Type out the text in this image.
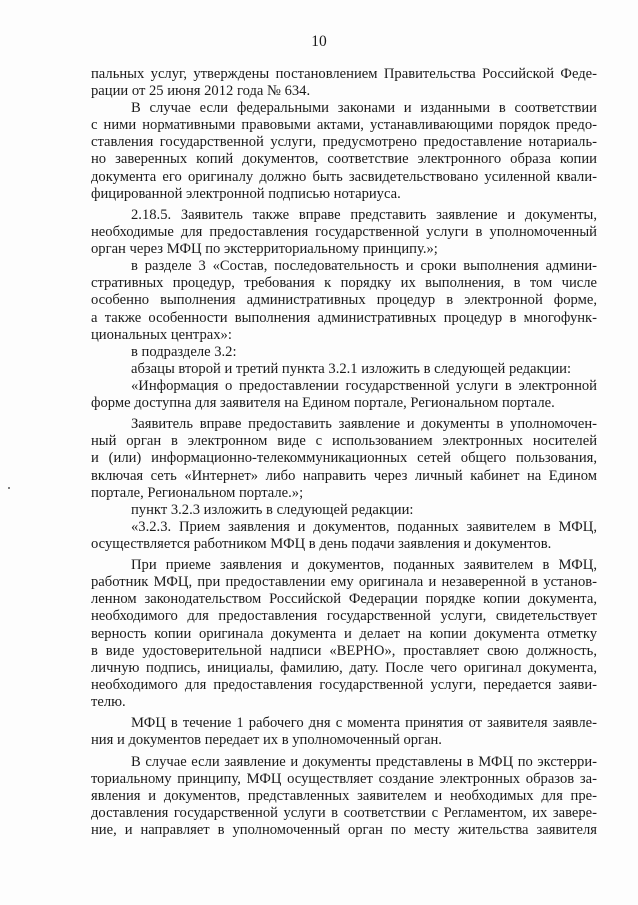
10
пальных услуг, утверждены постановлением Правительства Российской Феде-
рации от 25 июня 2012 года № 634.
В случае если федеральными законами и изданными в соответствии
с ними нормативными правовыми актами, устанавливающими порядок предо-
ставления государственной услуги, предусмотрено предоставление нотариаль-
но заверенных копий документов, соответствие электронного образа копии
документа его оригиналу должно быть засвидетельствовано усиленной квали-
фицированной электронной подписью нотариуса.
2.18.5. Заявитель также вправе представить заявление и документы,
необходимые для предоставления государственной услуги в уполномоченный
орган через МФЦ по экстерриториальному принципу.»;
в разделе 3 «Состав, последовательность и сроки выполнения админи-
стративных процедур, требования к порядку их выполнения, в том числе
особенно выполнения административных процедур в электронной форме,
а также особенности выполнения административных процедур в многофунк-
циональных центрах»:
в подразделе 3.2:
абзацы второй и третий пункта 3.2.1 изложить в следующей редакции:
«Информация о предоставлении государственной услуги в электронной
форме доступна для заявителя на Едином портале, Региональном портале.
Заявитель вправе предоставить заявление и документы в уполномочен-
ный орган в электронном виде с использованием электронных носителей
и (или) информационно-телекоммуникационных сетей общего пользования,
включая сеть «Интернет» либо направить через личный кабинет на Едином
портале, Региональном портале.»;
пункт 3.2.3 изложить в следующей редакции:
«3.2.3. Прием заявления и документов, поданных заявителем в МФЦ,
осуществляется работником МФЦ в день подачи заявления и документов.
При приеме заявления и документов, поданных заявителем в МФЦ,
работник МФЦ, при предоставлении ему оригинала и незаверенной в установ-
ленном законодательством Российской Федерации порядке копии документа,
необходимого для предоставления государственной услуги, свидетельствует
верность копии оригинала документа и делает на копии документа отметку
в виде удостоверительной надписи «ВЕРНО», проставляет свою должность,
личную подпись, инициалы, фамилию, дату. После чего оригинал документа,
необходимого для предоставления государственной услуги, передается заяви-
телю.
МФЦ в течение 1 рабочего дня с момента принятия от заявителя заявле-
ния и документов передает их в уполномоченный орган.
В случае если заявление и документы представлены в МФЦ по экстерри-
ториальному принципу, МФЦ осуществляет создание электронных образов за-
явления и документов, представленных заявителем и необходимых для пре-
доставления государственной услуги в соответствии с Регламентом, их завере-
ние, и направляет в уполномоченный орган по месту жительства заявителя
